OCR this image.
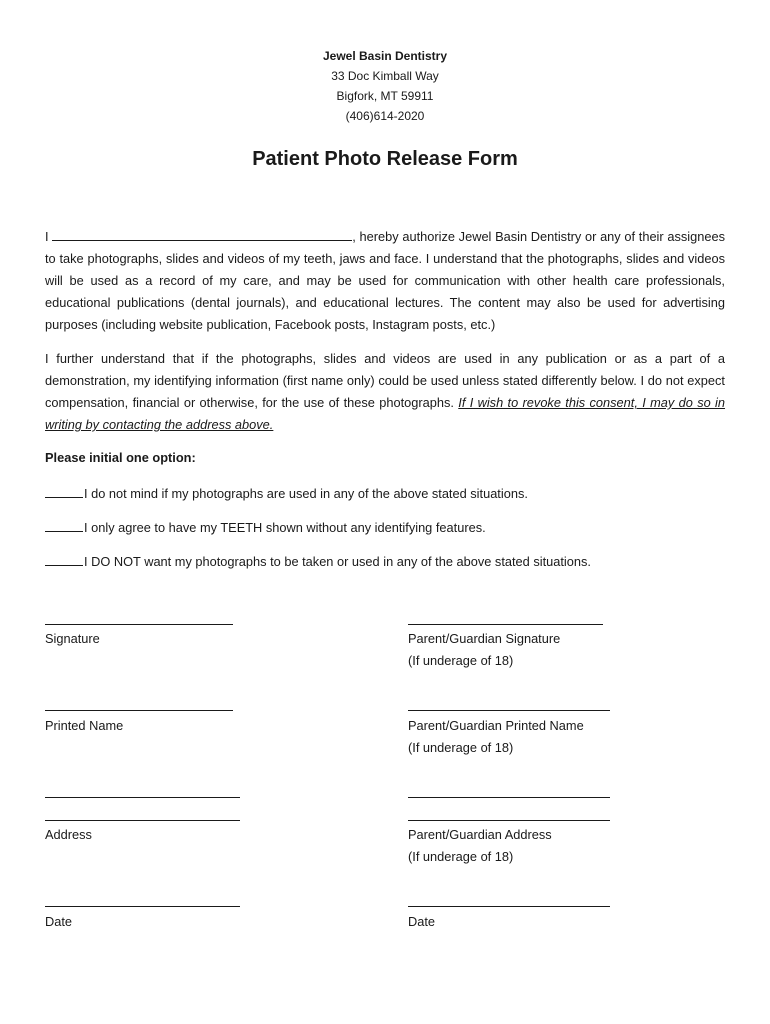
Jewel Basin Dentistry
33 Doc Kimball Way
Bigfork, MT 59911
(406)614-2020
Patient Photo Release Form
I	, hereby authorize Jewel Basin Dentistry or any of their assignees to take photographs, slides and videos of my teeth, jaws and face. I understand that the photographs, slides and videos will be used as a record of my care, and may be used for communication with other health care professionals, educational publications (dental journals), and educational lectures. The content may also be used for advertising purposes (including website publication, Facebook posts, Instagram posts, etc.)
I further understand that if the photographs, slides and videos are used in any publication or as a part of a demonstration, my identifying information (first name only) could be used unless stated differently below. I do not expect compensation, financial or otherwise, for the use of these photographs. If I wish to revoke this consent, I may do so in writing by contacting the address above.
Please initial one option:
I do not mind if my photographs are used in any of the above stated situations.
I only agree to have my TEETH shown without any identifying features.
I DO NOT want my photographs to be taken or used in any of the above stated situations.
Signature
Printed Name
Address
Date
Parent/Guardian Signature
(If underage of 18)
Parent/Guardian Printed Name
(If underage of 18)
Parent/Guardian Address
(If underage of 18)
Date
